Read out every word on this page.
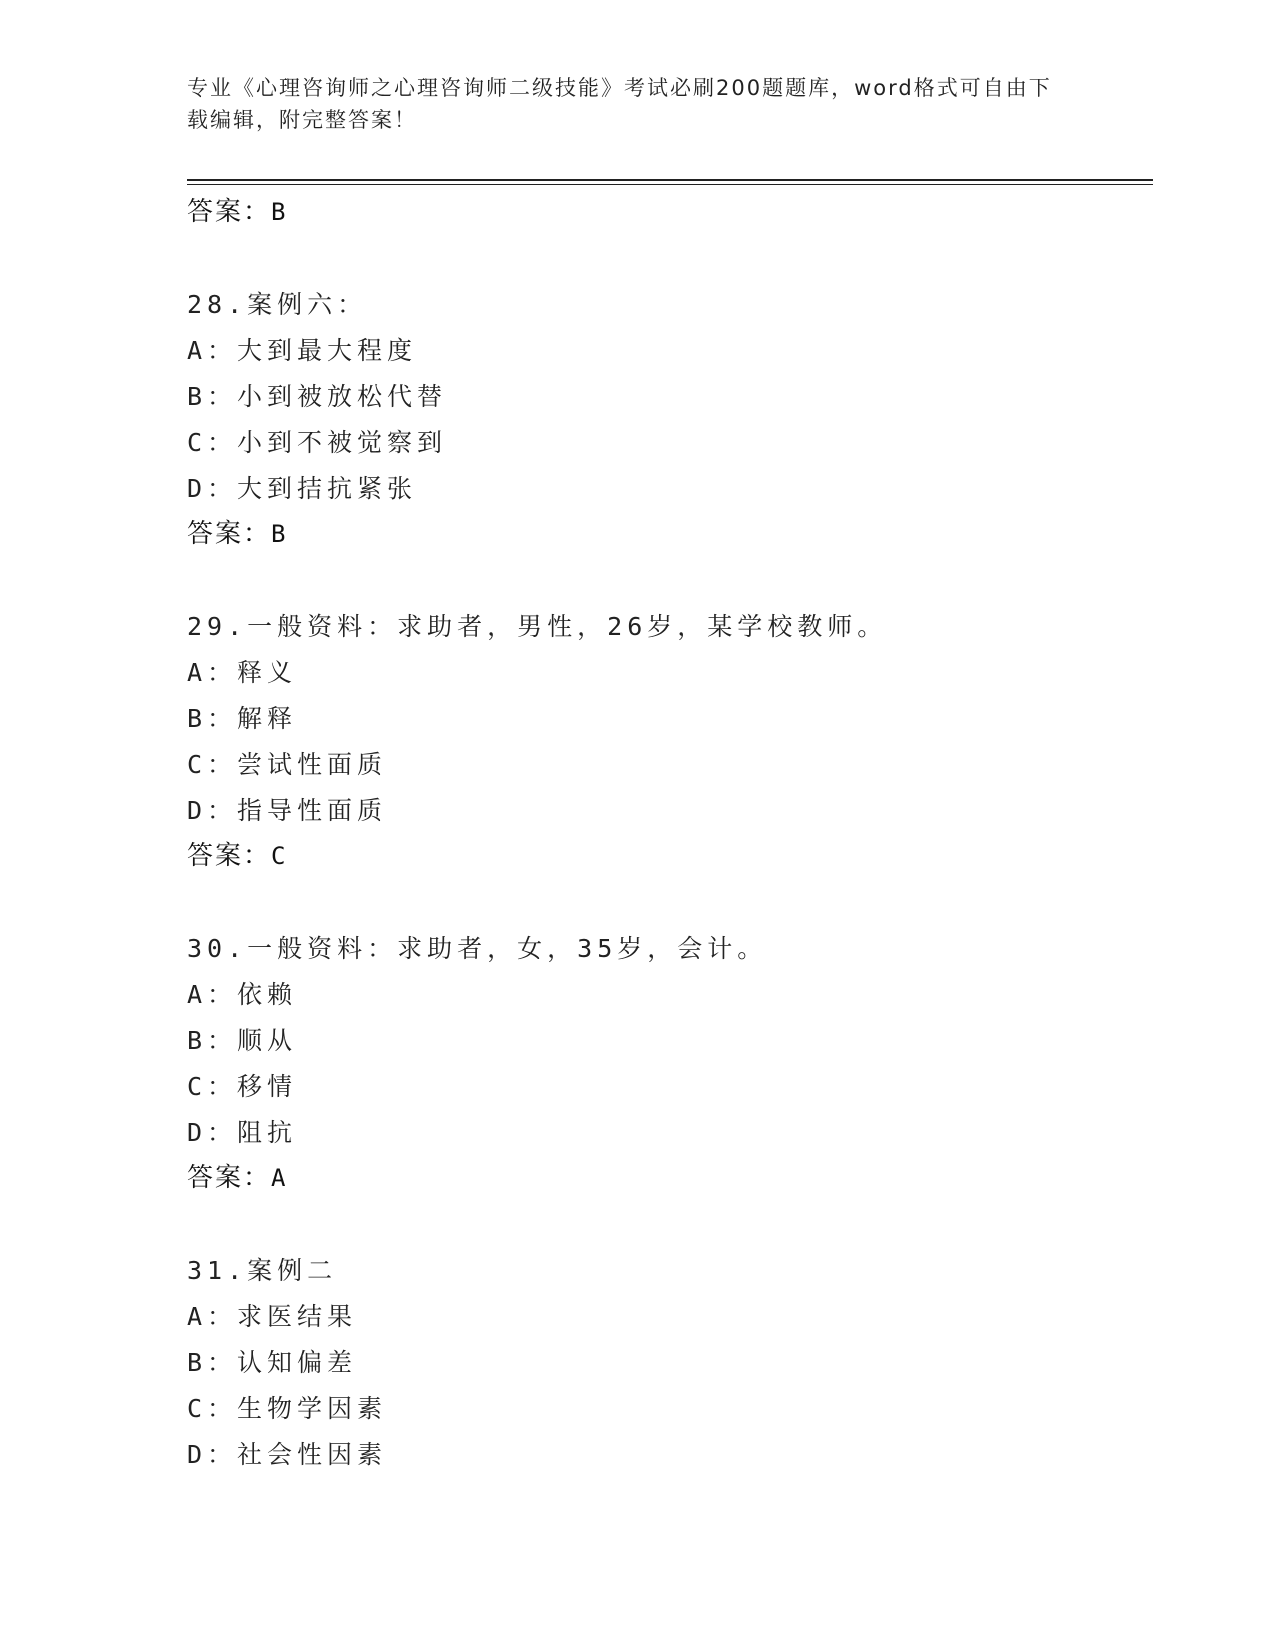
专业《心理咨询师之心理咨询师二级技能》考试必刷200题题库，word格式可自由下载编辑，附完整答案！
答案：B
28.案例六：
A：大到最大程度
B：小到被放松代替
C：小到不被觉察到
D：大到拮抗紧张
答案：B
29.一般资料：求助者，男性，26岁，某学校教师。
A：释义
B：解释
C：尝试性面质
D：指导性面质
答案：C
30.一般资料：求助者，女，35岁，会计。
A：依赖
B：顺从
C：移情
D：阻抗
答案：A
31.案例二
A：求医结果
B：认知偏差
C：生物学因素
D：社会性因素
